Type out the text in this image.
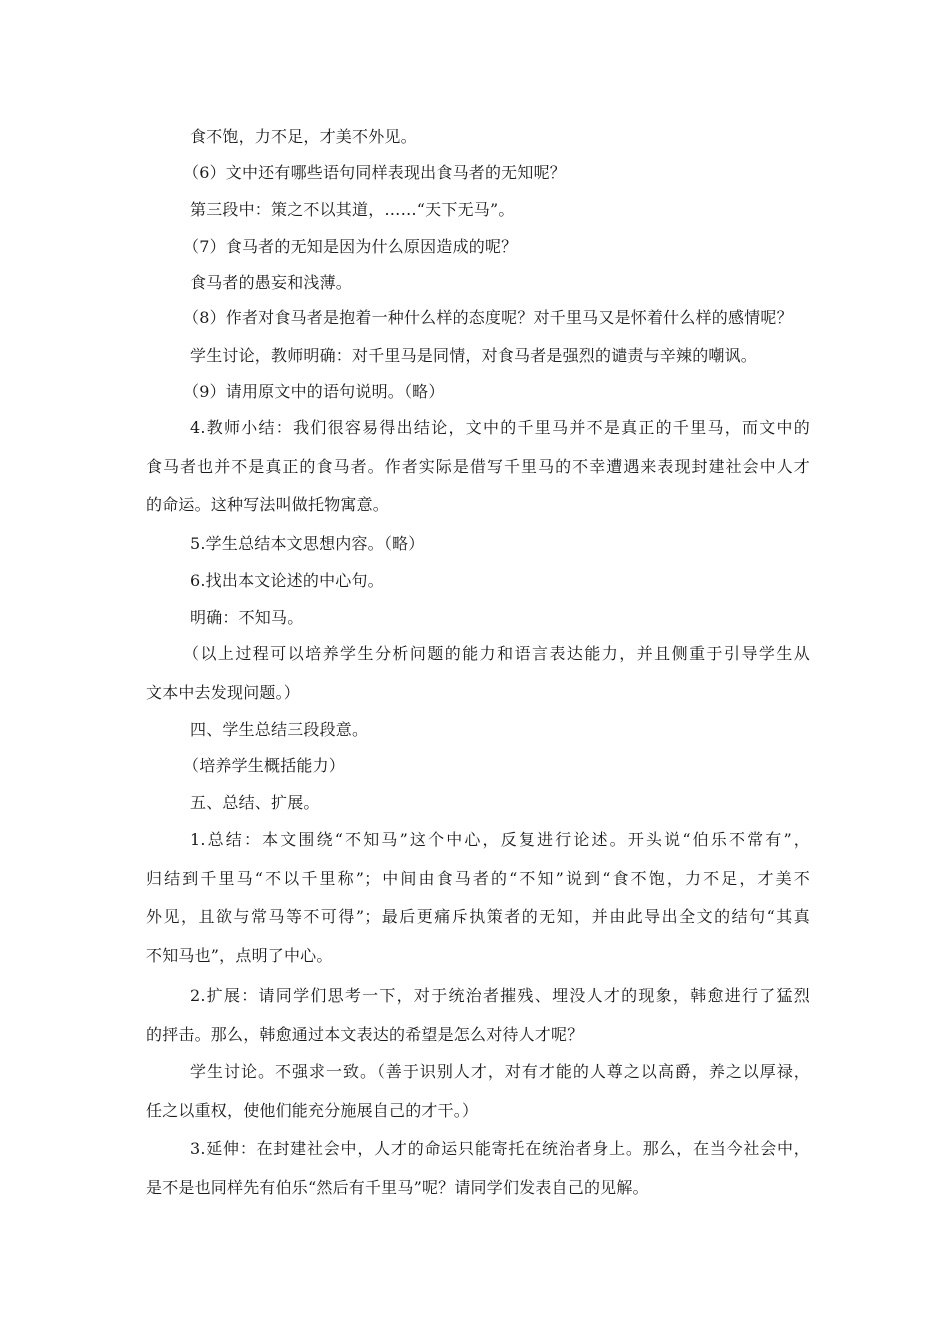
食不饱，力不足，才美不外见。
（6）文中还有哪些语句同样表现出食马者的无知呢？
第三段中：策之不以其道，……“天下无马”。
（7）食马者的无知是因为什么原因造成的呢？
食马者的愚妄和浅薄。
（8）作者对食马者是抱着一种什么样的态度呢？对千里马又是怀着什么样的感情呢？
学生讨论，教师明确：对千里马是同情，对食马者是强烈的谴责与辛辣的嘲讽。
（9）请用原文中的语句说明。（略）
4.教师小结：我们很容易得出结论，文中的千里马并不是真正的千里马，而文中的
食马者也并不是真正的食马者。作者实际是借写千里马的不幸遭遇来表现封建社会中人才
的命运。这种写法叫做托物寓意。
5.学生总结本文思想内容。（略）
6.找出本文论述的中心句。
明确：不知马。
（以上过程可以培养学生分析问题的能力和语言表达能力，并且侧重于引导学生从
文本中去发现问题。）
四、学生总结三段段意。
（培养学生概括能力）
五、总结、扩展。
1.总结：本文围绕“不知马”这个中心，反复进行论述。开头说“伯乐不常有”，
归结到千里马“不以千里称”；中间由食马者的“不知”说到“食不饱，力不足，才美不
外见，且欲与常马等不可得”；最后更痛斥执策者的无知，并由此导出全文的结句“其真
不知马也”，点明了中心。
2.扩展：请同学们思考一下，对于统治者摧残、埋没人才的现象，韩愈进行了猛烈
的抨击。那么，韩愈通过本文表达的希望是怎么对待人才呢？
学生讨论。不强求一致。（善于识别人才，对有才能的人尊之以高爵，养之以厚禄，
任之以重权，使他们能充分施展自己的才干。）
3.延伸：在封建社会中，人才的命运只能寄托在统治者身上。那么，在当今社会中，
是不是也同样先有伯乐“然后有千里马”呢？请同学们发表自己的见解。
